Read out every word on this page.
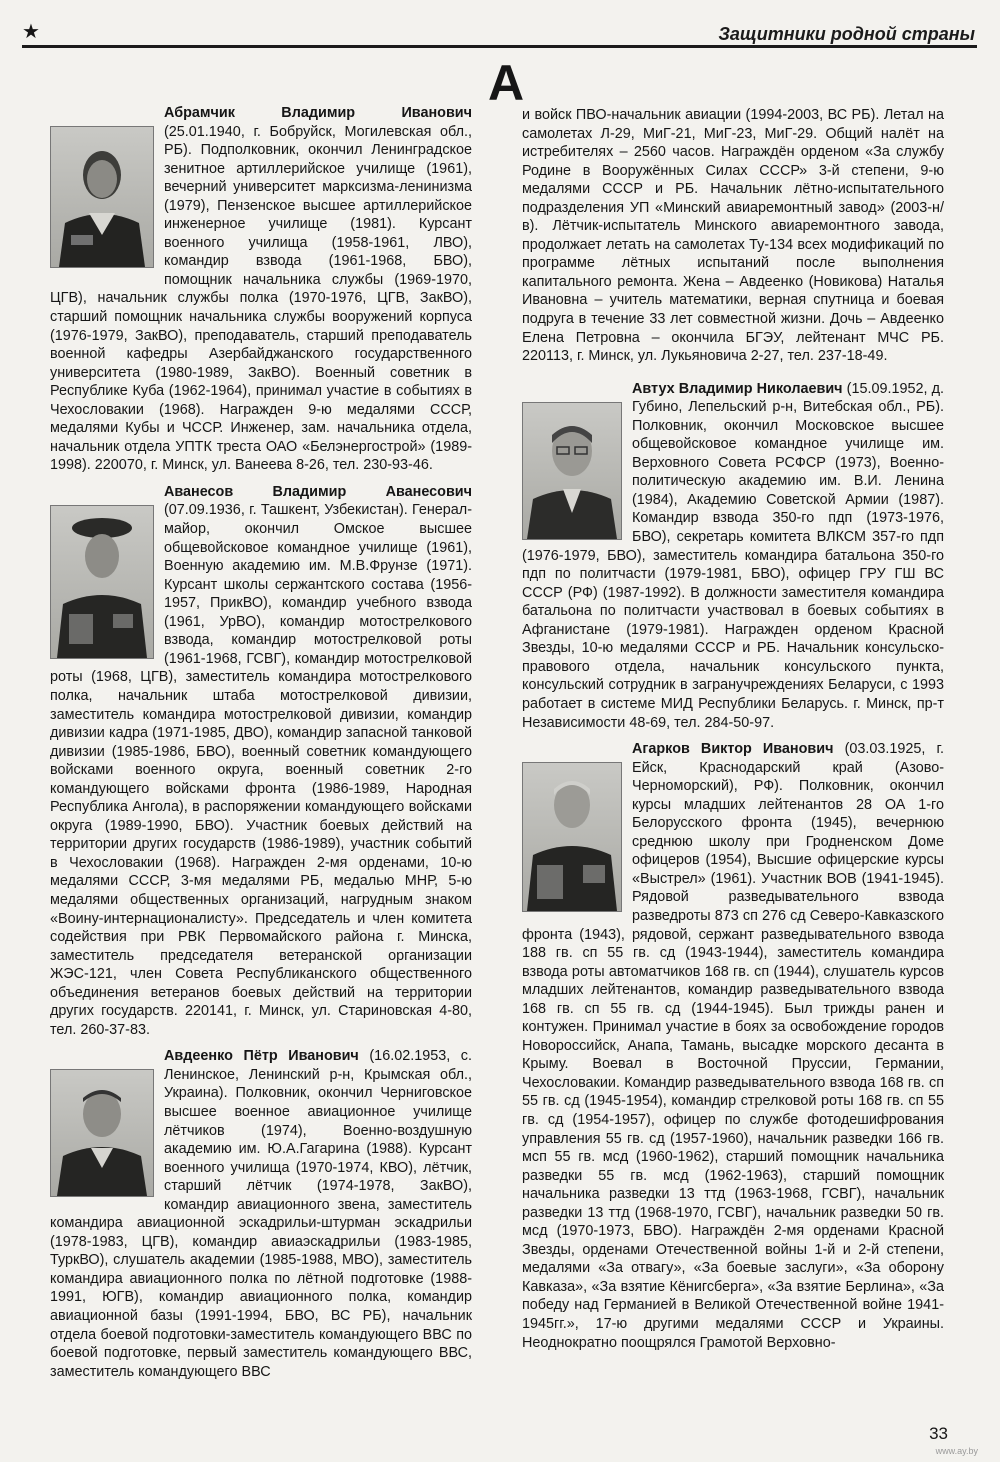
★	Защитники родной страны
А

Абрамчик Владимир Иванович (25.01.1940, г. Бобруйск, Могилевская обл., РБ). Подполковник, окончил Ленинградское зенитное артиллерийское училище (1961), вечерний университет марксизма-ленинизма (1979), Пензенское высшее артиллерийское инженерное училище (1981). Курсант военного училища (1958-1961, ЛВО), командир взвода (1961-1968, БВО), помощник начальника службы (1969-1970, ЦГВ), начальник службы полка (1970-1976, ЦГВ, ЗакВО), старший помощник начальника службы вооружений корпуса (1976-1979, ЗакВО), преподаватель, старший преподаватель военной кафедры Азербайджанского государственного университета (1980-1989, ЗакВО). Военный советник в Республике Куба (1962-1964), принимал участие в событиях в Чехословакии (1968). Награжден 9-ю медалями СССР, медалями Кубы и ЧССР. Инженер, зам. начальника отдела, начальник отдела УПТК треста ОАО «Белэнергострой» (1989-1998). 220070, г. Минск, ул. Ванеева 8-26, тел. 230-93-46.

Аванесов Владимир Аванесович (07.09.1936, г. Ташкент, Узбекистан). Генерал-майор, окончил Омское высшее общевойсковое командное училище (1961), Военную академию им. М.В.Фрунзе (1971). Курсант школы сержантского состава (1956-1957, ПрикВО), командир учебного взвода (1961, УрВО), командир мотострелкового взвода, командир мотострелковой роты (1961-1968, ГСВГ), командир мотострелковой роты (1968, ЦГВ), заместитель командира мотострелкового полка, начальник штаба мотострелковой дивизии, заместитель командира мотострелковой дивизии, командир дивизии кадра (1971-1985, ДВО), командир запасной танковой дивизии (1985-1986, БВО), военный советник командующего войсками военного округа, военный советник 2-го командующего войсками фронта (1986-1989, Народная Республика Ангола), в распоряжении командующего войсками округа (1989-1990, БВО). Участник боевых действий на территории других государств (1986-1989), участник событий в Чехословакии (1968). Награжден 2-мя орденами, 10-ю медалями СССР, 3-мя медалями РБ, медалью МНР, 5-ю медалями общественных организаций, нагрудным знаком «Воину-интернационалисту». Председатель и член комитета содействия при РВК Первомайского района г. Минска, заместитель председателя ветеранской организации ЖЭС-121, член Совета Республиканского общественного объединения ветеранов боевых действий на территории других государств. 220141, г. Минск, ул. Стариновская 4-80, тел. 260-37-83.

Авдеенко Пётр Иванович (16.02.1953, с. Ленинское, Ленинский р-н, Крымская обл., Украина). Полковник, окончил Черниговское высшее военное авиационное училище лётчиков (1974), Военно-воздушную академию им. Ю.А.Гагарина (1988). Курсант военного училища (1970-1974, КВО), лётчик, старший лётчик (1974-1978, ЗакВО), командир авиационного звена, заместитель командира авиационной эскадрильи-штурман эскадрильи (1978-1983, ЦГВ), командир авиаэскадрильи (1983-1985, ТуркВО), слушатель академии (1985-1988, МВО), заместитель командира авиационного полка по лётной подготовке (1988-1991, ЮГВ), командир авиационного полка, командир авиационной базы (1991-1994, БВО, ВС РБ), начальник отдела боевой подготовки-заместитель командующего ВВС по боевой подготовке, первый заместитель командующего ВВС, заместитель командующего ВВС

и войск ПВО-начальник авиации (1994-2003, ВС РБ). Летал на самолетах Л-29, МиГ-21, МиГ-23, МиГ-29. Общий налёт на истребителях – 2560 часов. Награждён орденом «За службу Родине в Вооружённых Силах СССР» 3-й степени, 9-ю медалями СССР и РБ. Начальник лётно-испытательного подразделения УП «Минский авиаремонтный завод» (2003-н/в). Лётчик-испытатель Минского авиаремонтного завода, продолжает летать на самолетах Ту-134 всех модификаций по программе лётных испытаний после выполнения капитального ремонта. Жена – Авдеенко (Новикова) Наталья Ивановна – учитель математики, верная спутница и боевая подруга в течение 33 лет совместной жизни. Дочь – Авдеенко Елена Петровна – окончила БГЭУ, лейтенант МЧС РБ. 220113, г. Минск, ул. Лукьяновича 2-27, тел. 237-18-49.

Автух Владимир Николаевич (15.09.1952, д. Губино, Лепельский р-н, Витебская обл., РБ). Полковник, окончил Московское высшее общевойсковое командное училище им. Верховного Совета РСФСР (1973), Военно-политическую академию им. В.И. Ленина (1984), Академию Советской Армии (1987). Командир взвода 350-го пдп (1973-1976, БВО), секретарь комитета ВЛКСМ 357-го пдп (1976-1979, БВО), заместитель командира батальона 350-го пдп по политчасти (1979-1981, БВО), офицер ГРУ ГШ ВС СССР (РФ) (1987-1992). В должности заместителя командира батальона по политчасти участвовал в боевых событиях в Афганистане (1979-1981). Награжден орденом Красной Звезды, 10-ю медалями СССР и РБ. Начальник консульско-правового отдела, начальник консульского пункта, консульский сотрудник в загранучреждениях Беларуси, с 1993 работает в системе МИД Республики Беларусь. г. Минск, пр-т Независимости 48-69, тел. 284-50-97.

Агарков Виктор Иванович (03.03.1925, г. Ейск, Краснодарский край (Азово-Черноморский), РФ). Полковник, окончил курсы младших лейтенантов 28 ОА 1-го Белорусского фронта (1945), вечернюю среднюю школу при Гродненском Доме офицеров (1954), Высшие офицерские курсы «Выстрел» (1961). Участник ВОВ (1941-1945). Рядовой разведывательного взвода разведроты 873 сп 276 сд Северо-Кавказского фронта (1943), рядовой, сержант разведывательного взвода 188 гв. сп 55 гв. сд (1943-1944), заместитель командира взвода роты автоматчиков 168 гв. сп (1944), слушатель курсов младших лейтенантов, командир разведывательного взвода 168 гв. сп 55 гв. сд (1944-1945). Был трижды ранен и контужен. Принимал участие в боях за освобождение городов Новороссийск, Анапа, Тамань, высадке морского десанта в Крыму. Воевал в Восточной Пруссии, Германии, Чехословакии. Командир разведывательного взвода 168 гв. сп 55 гв. сд (1945-1954), командир стрелковой роты 168 гв. сп 55 гв. сд (1954-1957), офицер по службе фотодешифрования управления 55 гв. сд (1957-1960), начальник разведки 166 гв. мсп 55 гв. мсд (1960-1962), старший помощник начальника разведки 55 гв. мсд (1962-1963), старший помощник начальника разведки 13 ттд (1963-1968, ГСВГ), начальник разведки 13 ттд (1968-1970, ГСВГ), начальник разведки 50 гв. мсд (1970-1973, БВО). Награждён 2-мя орденами Красной Звезды, орденами Отечественной войны 1-й и 2-й степени, медалями «За отвагу», «За боевые заслуги», «За оборону Кавказа», «За взятие Кёнигсберга», «За взятие Берлина», «За победу над Германией в Великой Отечественной войне 1941-1945гг.», 17-ю другими медалями СССР и Украины. Неоднократно поощрялся Грамотой Верховно-

33
www.ay.by
